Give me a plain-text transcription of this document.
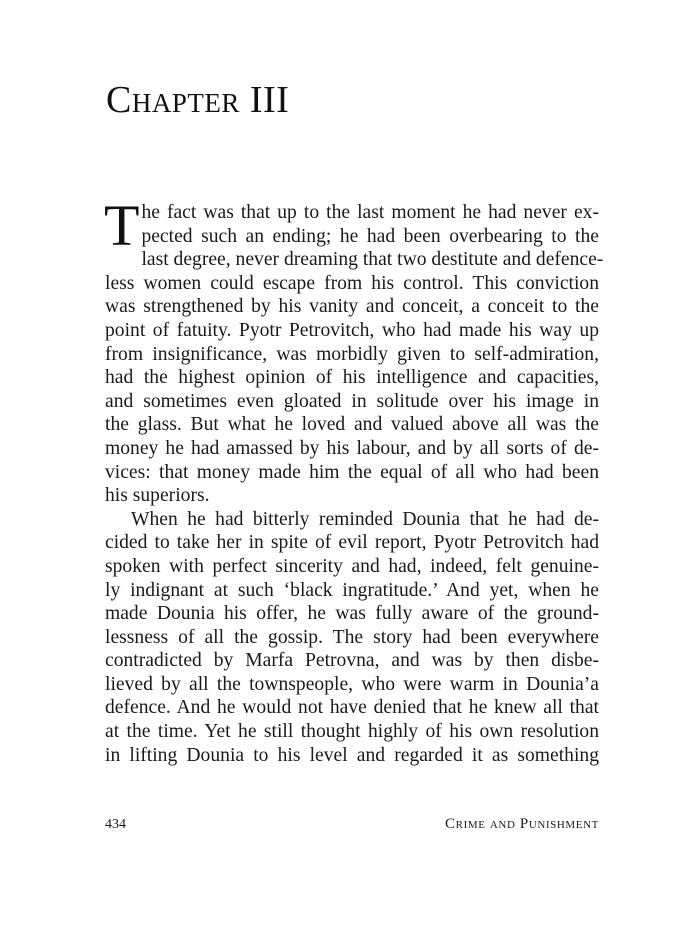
Chapter III

T he fact was that up to the last moment he had never ex-
pected such an ending; he had been overbearing to the
last degree, never dreaming that two destitute and defence-
less women could escape from his control. This conviction
was strengthened by his vanity and conceit, a conceit to the
point of fatuity. Pyotr Petrovitch, who had made his way up
from insignificance, was morbidly given to self-admiration,
had the highest opinion of his intelligence and capacities,
and sometimes even gloated in solitude over his image in
the glass. But what he loved and valued above all was the
money he had amassed by his labour, and by all sorts of de-
vices: that money made him the equal of all who had been
his superiors.

When he had bitterly reminded Dounia that he had de-
cided to take her in spite of evil report, Pyotr Petrovitch had
spoken with perfect sincerity and had, indeed, felt genuine-
ly indignant at such ‘black ingratitude.’ And yet, when he
made Dounia his offer, he was fully aware of the ground-
lessness of all the gossip. The story had been everywhere
contradicted by Marfa Petrovna, and was by then disbe-
lieved by all the townspeople, who were warm in Dounia’a
defence. And he would not have denied that he knew all that
at the time. Yet he still thought highly of his own resolution
in lifting Dounia to his level and regarded it as something

434	Crime and Punishment
